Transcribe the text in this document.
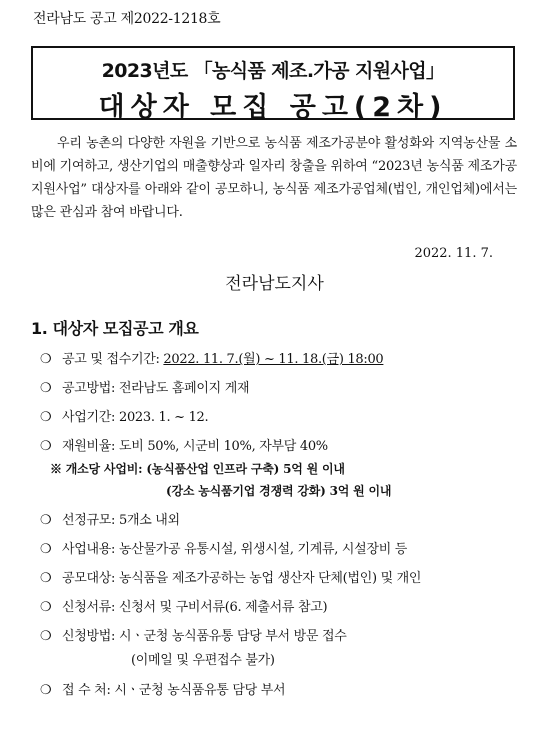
전라남도 공고 제2022-1218호
2023년도 「농식품 제조.가공 지원사업」
대상자 모집 공고(2차)
우리 농촌의 다양한 자원을 기반으로 농식품 제조가공분야 활성화와 지역농산물 소비에 기여하고, 생산기업의 매출향상과 일자리 창출을 위하여 “2023년 농식품 제조가공 지원사업” 대상자를 아래와 같이 공모하니, 농식품 제조가공업체(법인, 개인업체)에서는 많은 관심과 참여 바랍니다.
2022. 11. 7.
전라남도지사
1. 대상자 모집공고 개요
❍ 공고 및 접수기간: 2022. 11. 7.(월) ~ 11. 18.(금) 18:00
❍ 공고방법: 전라남도 홈페이지 게재
❍ 사업기간: 2023. 1. ~ 12.
❍ 재원비율: 도비 50%, 시군비 10%, 자부담 40%
※ 개소당 사업비: (농식품산업 인프라 구축) 5억 원 이내
(강소 농식품기업 경쟁력 강화) 3억 원 이내
❍ 선정규모: 5개소 내외
❍ 사업내용: 농산물가공 유통시설, 위생시설, 기계류, 시설장비 등
❍ 공모대상: 농식품을 제조가공하는 농업 생산자 단체(법인) 및 개인
❍ 신청서류: 신청서 및 구비서류(6. 제출서류 참고)
❍ 신청방법: 시ㆍ군청 농식품유통 담당 부서 방문 접수
(이메일 및 우편접수 불가)
❍ 접 수 처: 시ㆍ군청 농식품유통 담당 부서
